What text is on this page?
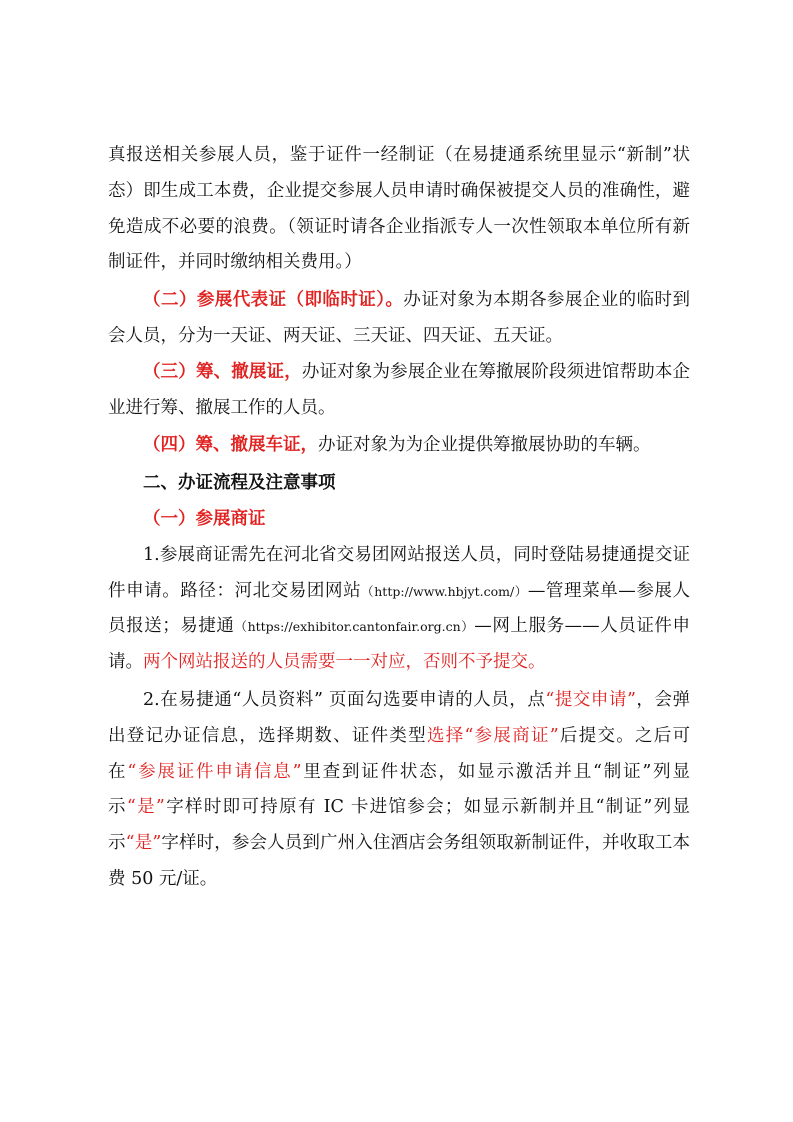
真报送相关参展人员，鉴于证件一经制证（在易捷通系统里显示“新制”状态）即生成工本费，企业提交参展人员申请时确保被提交人员的准确性，避免造成不必要的浪费。（领证时请各企业指派专人一次性领取本单位所有新制证件，并同时缴纳相关费用。）

（二）参展代表证（即临时证）。办证对象为本期各参展企业的临时到会人员，分为一天证、两天证、三天证、四天证、五天证。

（三）筹、撤展证，办证对象为参展企业在筹撤展阶段须进馆帮助本企业进行筹、撤展工作的人员。

（四）筹、撤展车证，办证对象为为企业提供筹撤展协助的车辆。

二、办证流程及注意事项

（一）参展商证

1.参展商证需先在河北省交易团网站报送人员，同时登陆易捷通提交证件申请。路径：河北交易团网站（http://www.hbjyt.com/）—管理菜单—参展人员报送；易捷通（https://exhibitor.cantonfair.org.cn）—网上服务——人员证件申请。两个网站报送的人员需要一一对应，否则不予提交。

2.在易捷通“人员资料” 页面勾选要申请的人员，点“提交申请”，会弹出登记办证信息，选择期数、证件类型选择“参展商证”后提交。之后可在“参展证件申请信息”里查到证件状态，如显示激活并且“制证”列显示“是”字样时即可持原有 IC 卡进馆参会；如显示新制并且“制证”列显示“是”字样时，参会人员到广州入住酒店会务组领取新制证件，并收取工本费 50 元/证。
